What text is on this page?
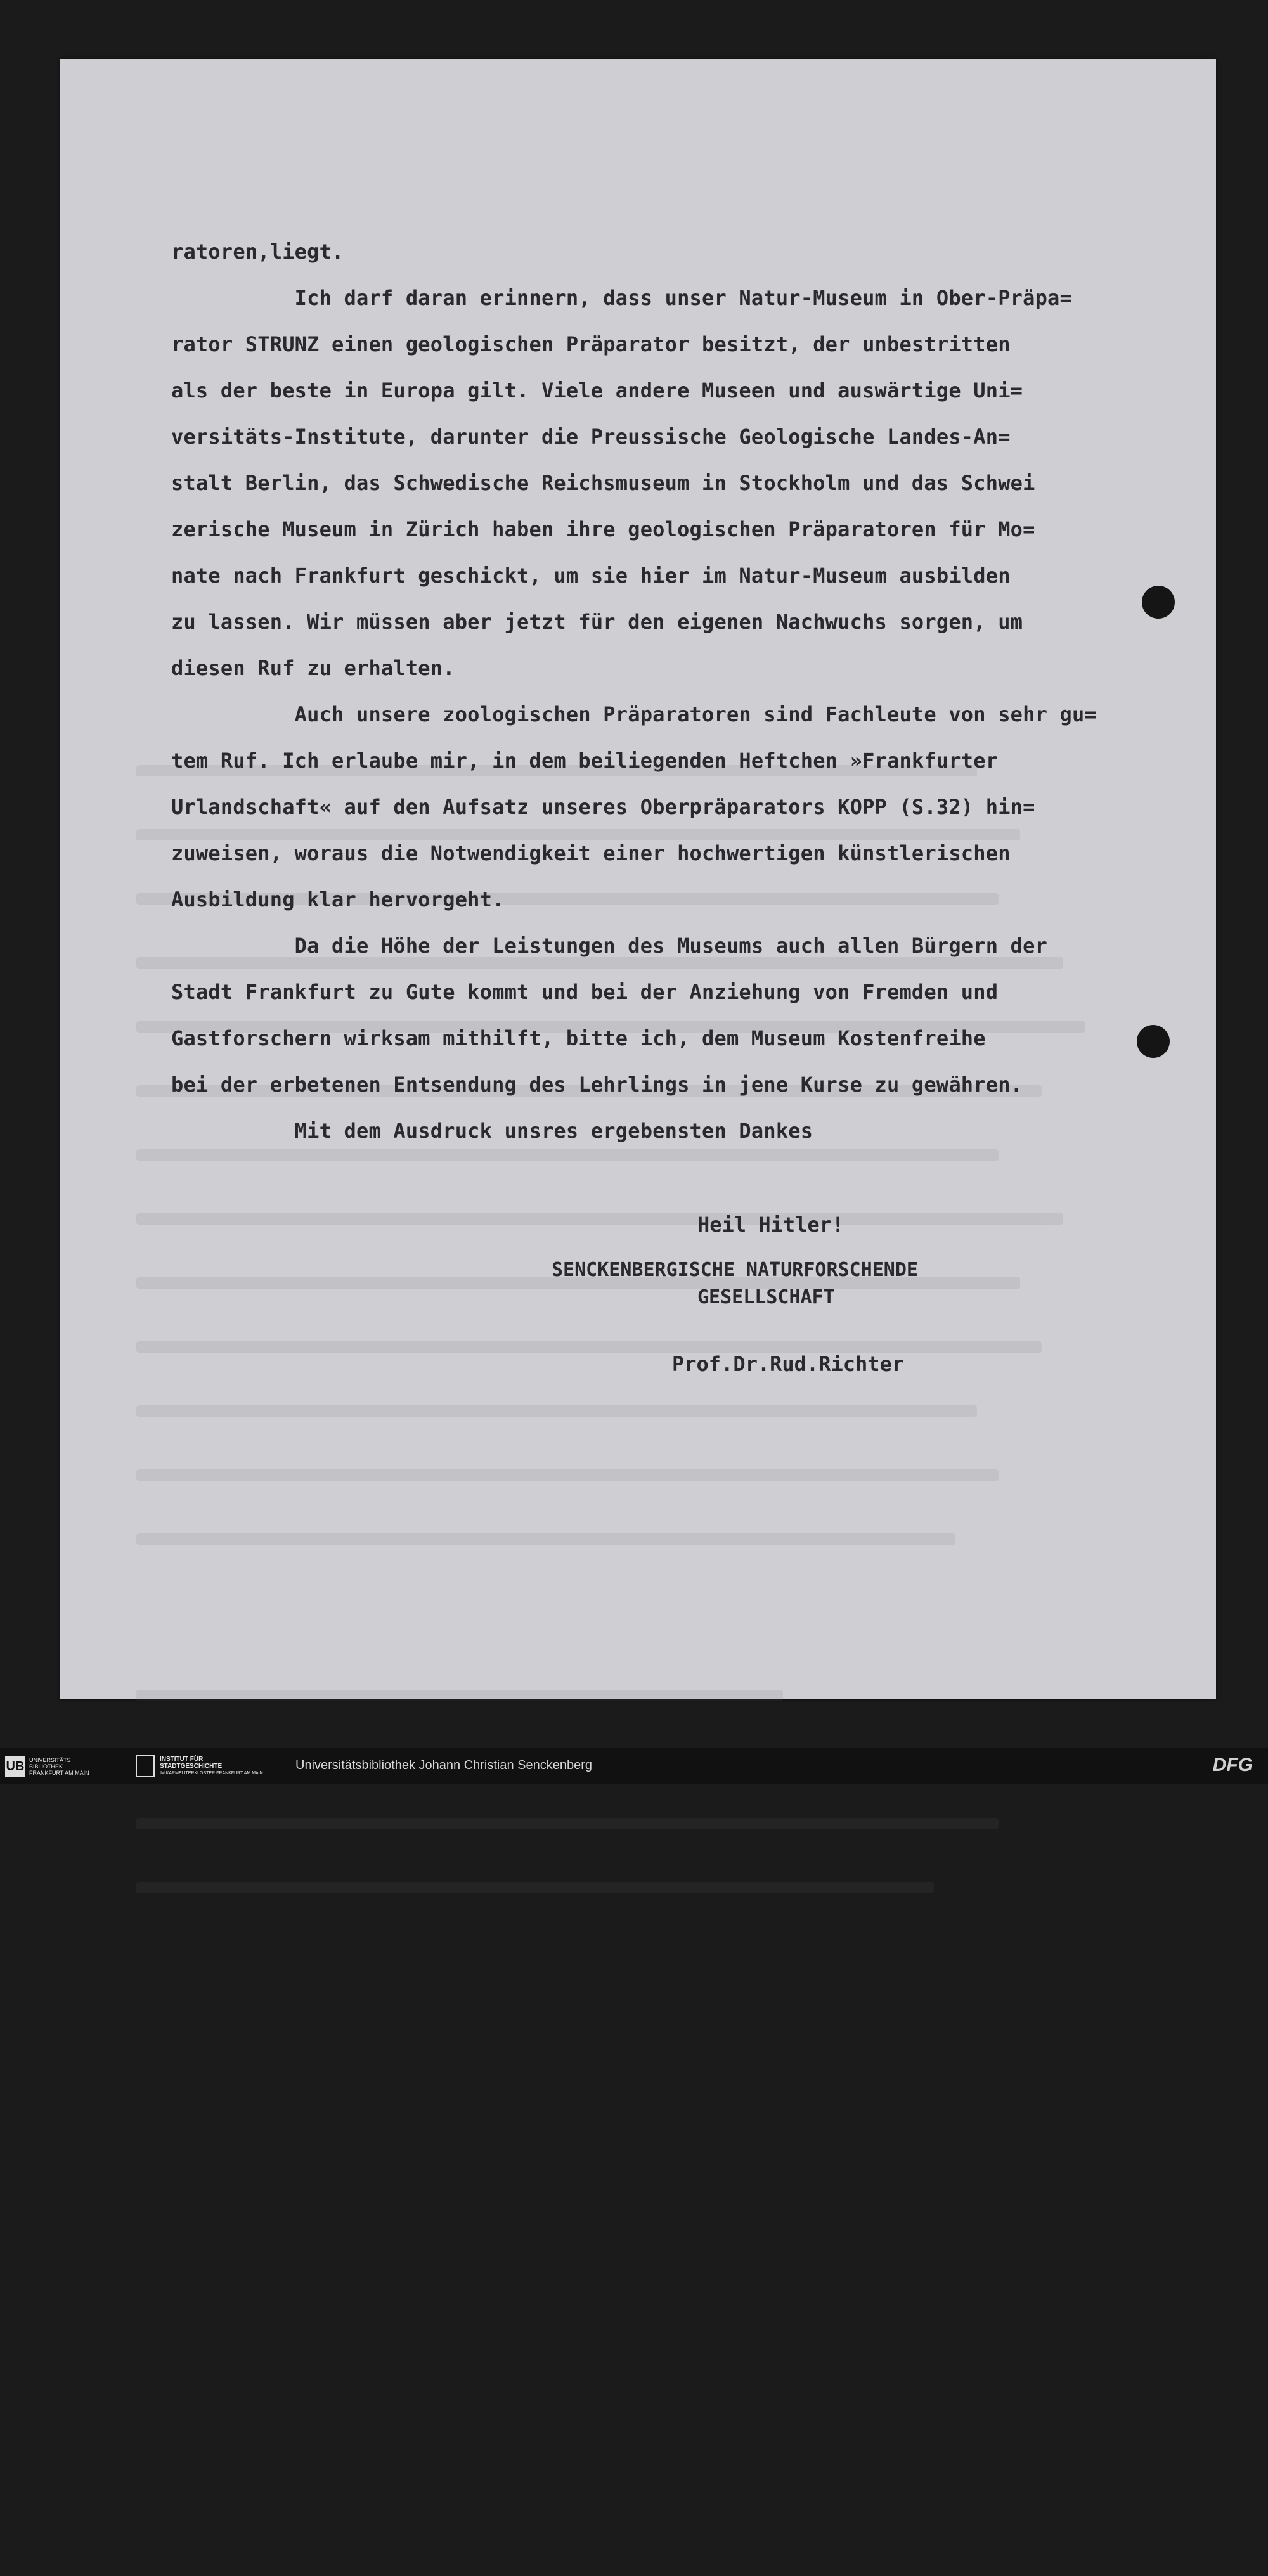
ratoren,liegt.
Ich darf daran erinnern, dass unser Natur-Museum in Ober-Präpa=
rator STRUNZ einen geologischen Präparator besitzt, der unbestritten
als der beste in Europa gilt. Viele andere Museen und auswärtige Uni=
versitäts-Institute, darunter die Preussische Geologische Landes-An=
stalt Berlin, das Schwedische Reichsmuseum in Stockholm und das Schwei
zerische Museum in Zürich haben ihre geologischen Präparatoren für Mo=
nate nach Frankfurt geschickt, um sie hier im Natur-Museum ausbilden
zu lassen. Wir müssen aber jetzt für den eigenen Nachwuchs sorgen, um
diesen Ruf zu erhalten.
Auch unsere zoologischen Präparatoren sind Fachleute von sehr gu=
tem Ruf. Ich erlaube mir, in dem beiliegenden Heftchen »Frankfurter
Urlandschaft« auf den Aufsatz unseres Oberpräparators KOPP (S.32) hin=
zuweisen, woraus die Notwendigkeit einer hochwertigen künstlerischen
Ausbildung klar hervorgeht.
Da die Höhe der Leistungen des Museums auch allen Bürgern der
Stadt Frankfurt zu Gute kommt und bei der Anziehung von Fremden und
Gastforschern wirksam mithilft, bitte ich, dem Museum Kostenfreihe
bei der erbetenen Entsendung des Lehrlings in jene Kurse zu gewähren.
Mit dem Ausdruck unsres ergebensten Dankes
Heil Hitler!
SENCKENBERGISCHE NATURFORSCHENDE
GESELLSCHAFT
Prof.Dr.Rud.Richter
UB UNIVERSITÄTS BIBLIOTHEK
FRANKFURT AM MAIN
INSTITUT FÜR
STADTGESCHICHTE
IM KARMELITERKLOSTER FRANKFURT AM MAIN
Universitätsbibliothek Johann Christian Senckenberg	DFG
